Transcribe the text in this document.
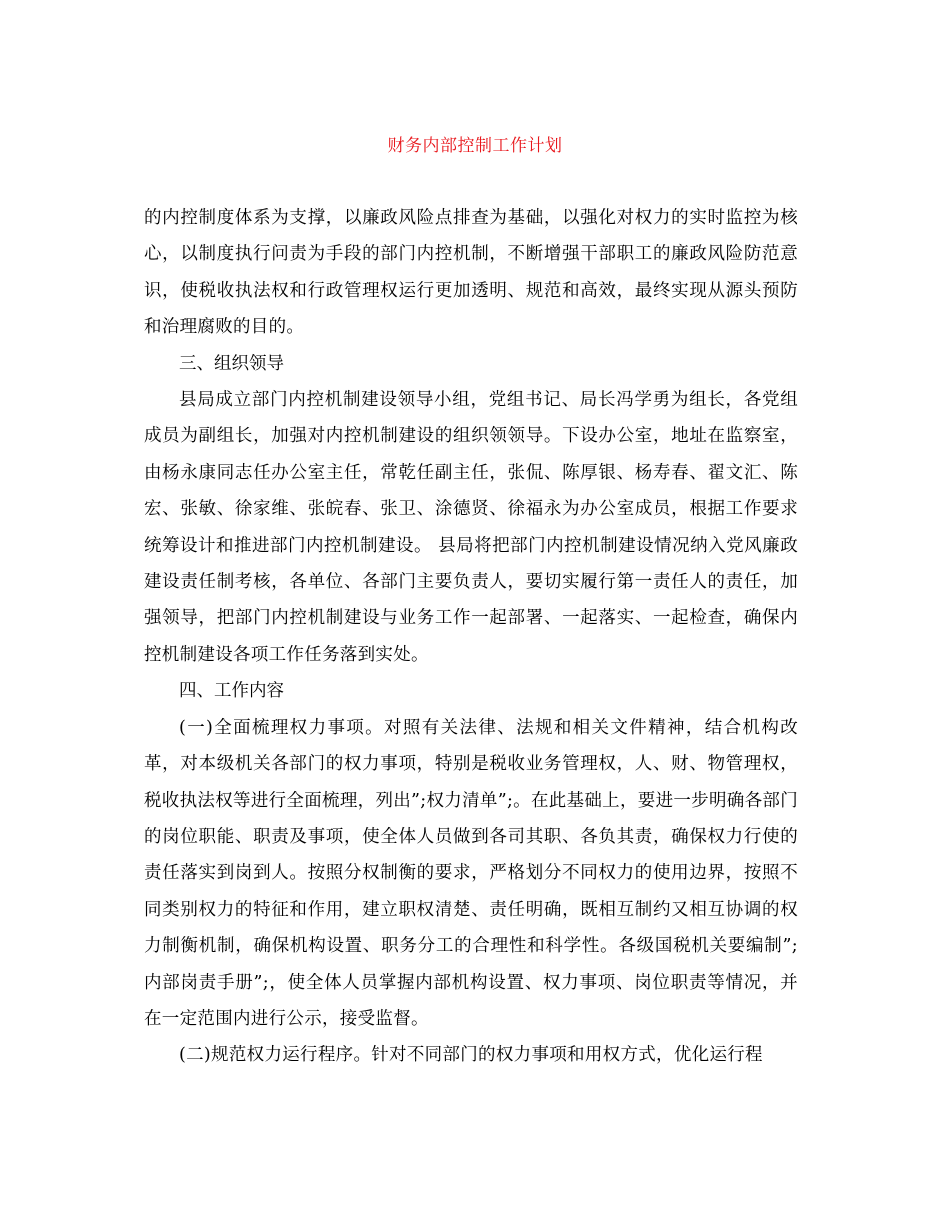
财务内部控制工作计划

的内控制度体系为支撑，以廉政风险点排查为基础，以强化对权力的实时监控为核心，以制度执行问责为手段的部门内控机制，不断增强干部职工的廉政风险防范意识，使税收执法权和行政管理权运行更加透明、规范和高效，最终实现从源头预防和治理腐败的目的。

三、组织领导

县局成立部门内控机制建设领导小组，党组书记、局长冯学勇为组长，各党组成员为副组长，加强对内控机制建设的组织领领导。下设办公室，地址在监察室，由杨永康同志任办公室主任，常乾任副主任，张侃、陈厚银、杨寿春、翟文汇、陈宏、张敏、徐家维、张皖春、张卫、涂德贤、徐福永为办公室成员，根据工作要求统筹设计和推进部门内控机制建设。 县局将把部门内控机制建设情况纳入党风廉政建设责任制考核，各单位、各部门主要负责人，要切实履行第一责任人的责任，加强领导，把部门内控机制建设与业务工作一起部署、一起落实、一起检查，确保内控机制建设各项工作任务落到实处。

四、工作内容

(一)全面梳理权力事项。对照有关法律、法规和相关文件精神，结合机构改革，对本级机关各部门的权力事项，特别是税收业务管理权，人、财、物管理权，税收执法权等进行全面梳理，列出”;权力清单”;。在此基础上，要进一步明确各部门的岗位职能、职责及事项，使全体人员做到各司其职、各负其责，确保权力行使的责任落实到岗到人。按照分权制衡的要求，严格划分不同权力的使用边界，按照不同类别权力的特征和作用，建立职权清楚、责任明确，既相互制约又相互协调的权力制衡机制，确保机构设置、职务分工的合理性和科学性。各级国税机关要编制”;内部岗责手册”;，使全体人员掌握内部机构设置、权力事项、岗位职责等情况，并在一定范围内进行公示，接受监督。

(二)规范权力运行程序。针对不同部门的权力事项和用权方式，优化运行程
